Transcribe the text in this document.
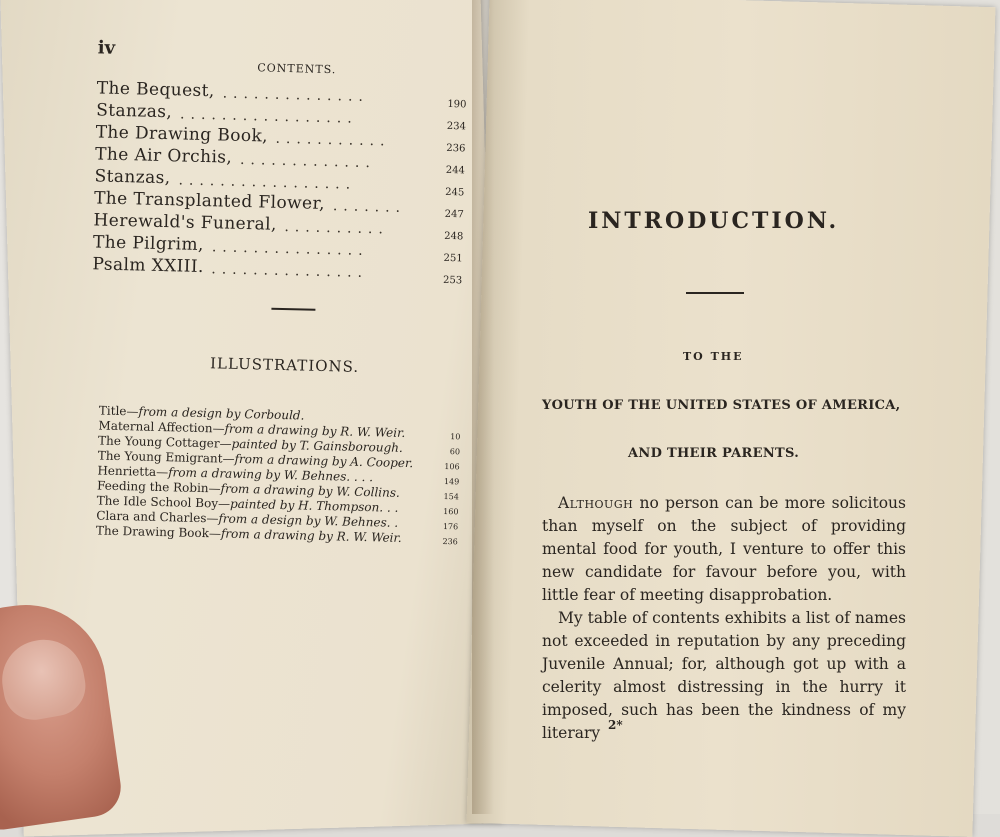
iv
CONTENTS.
The Bequest, ..............	190
Stanzas, .................	234
The Drawing Book, ...........	236
The Air Orchis, .............	244
Stanzas, .................	245
The Transplanted Flower, .......	247
Herewald's Funeral, ..........	248
The Pilgrim, ...............	251
Psalm XXIII. ...............	253
ILLUSTRATIONS.
Title—from a design by Corbould.
Maternal Affection—from a drawing by R. W. Weir.	10
The Young Cottager—painted by T. Gainsborough.	60
The Young Emigrant—from a drawing by A. Cooper.	106
Henrietta—from a drawing by W. Behnes. . . .	149
Feeding the Robin—from a drawing by W. Collins.	154
The Idle School Boy—painted by H. Thompson. . .	160
Clara and Charles—from a design by W. Behnes. .	176
The Drawing Book—from a drawing by R. W. Weir.	236
INTRODUCTION.
TO THE
YOUTH OF THE UNITED STATES OF AMERICA,
AND THEIR PARENTS.

Although no person can be more solicitous than myself on the subject of providing mental food for youth, I venture to offer this new candidate for favour before you, with little fear of meeting disapprobation.

My table of contents exhibits a list of names not exceeded in reputation by any preceding Juvenile Annual; for, although got up with a celerity almost distressing in the hurry it imposed, such has been the kindness of my literary 2*
